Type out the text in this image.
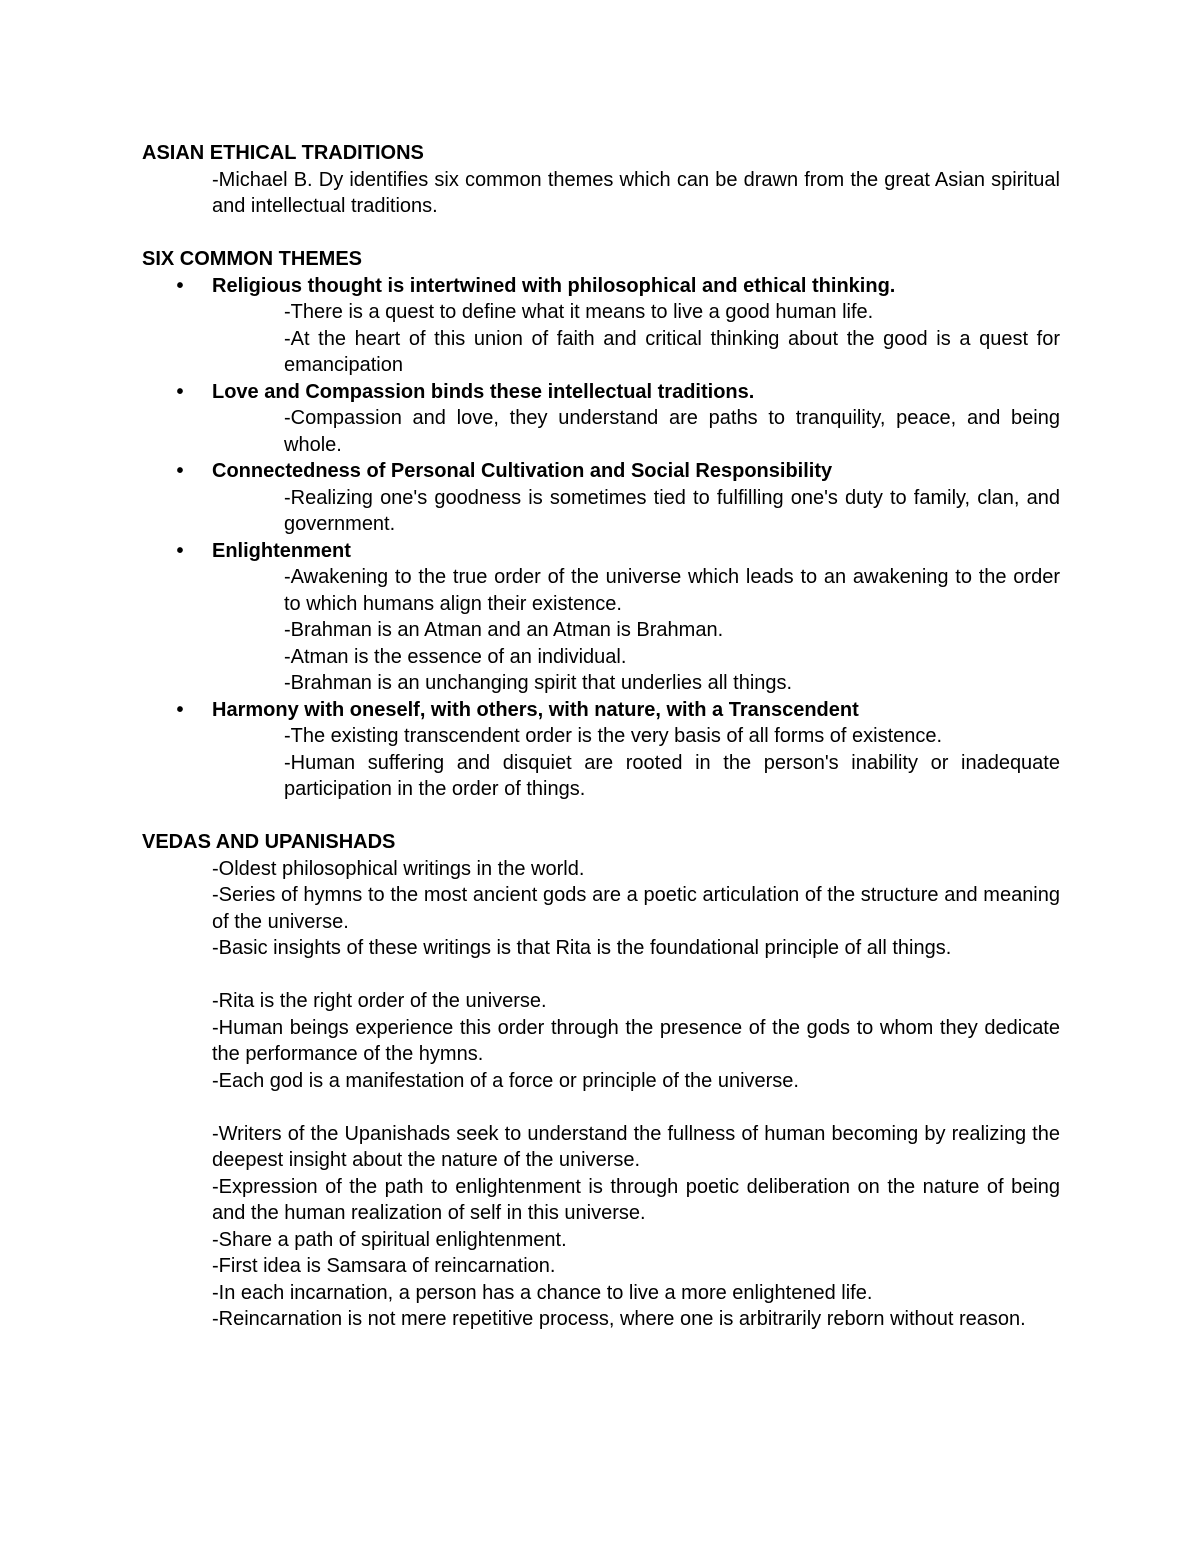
ASIAN ETHICAL TRADITIONS

-Michael B. Dy identifies six common themes which can be drawn from the great Asian spiritual and intellectual traditions.

SIX COMMON THEMES

• Religious thought is intertwined with philosophical and ethical thinking.

-There is a quest to define what it means to live a good human life.

-At the heart of this union of faith and critical thinking about the good is a quest for emancipation

• Love and Compassion binds these intellectual traditions.

-Compassion and love, they understand are paths to tranquility, peace, and being whole.

• Connectedness of Personal Cultivation and Social Responsibility

-Realizing one's goodness is sometimes tied to fulfilling one's duty to family, clan, and government.

• Enlightenment

-Awakening to the true order of the universe which leads to an awakening to the order to which humans align their existence.

-Brahman is an Atman and an Atman is Brahman.

-Atman is the essence of an individual.

-Brahman is an unchanging spirit that underlies all things.

• Harmony with oneself, with others, with nature, with a Transcendent

-The existing transcendent order is the very basis of all forms of existence.

-Human suffering and disquiet are rooted in the person's inability or inadequate participation in the order of things.

VEDAS AND UPANISHADS

-Oldest philosophical writings in the world.

-Series of hymns to the most ancient gods are a poetic articulation of the structure and meaning of the universe.

-Basic insights of these writings is that Rita is the foundational principle of all things.

-Rita is the right order of the universe.

-Human beings experience this order through the presence of the gods to whom they dedicate the performance of the hymns.

-Each god is a manifestation of a force or principle of the universe.

-Writers of the Upanishads seek to understand the fullness of human becoming by realizing the deepest insight about the nature of the universe.

-Expression of the path to enlightenment is through poetic deliberation on the nature of being and the human realization of self in this universe.

-Share a path of spiritual enlightenment.

-First idea is Samsara of reincarnation.

-In each incarnation, a person has a chance to live a more enlightened life.

-Reincarnation is not mere repetitive process, where one is arbitrarily reborn without reason.
